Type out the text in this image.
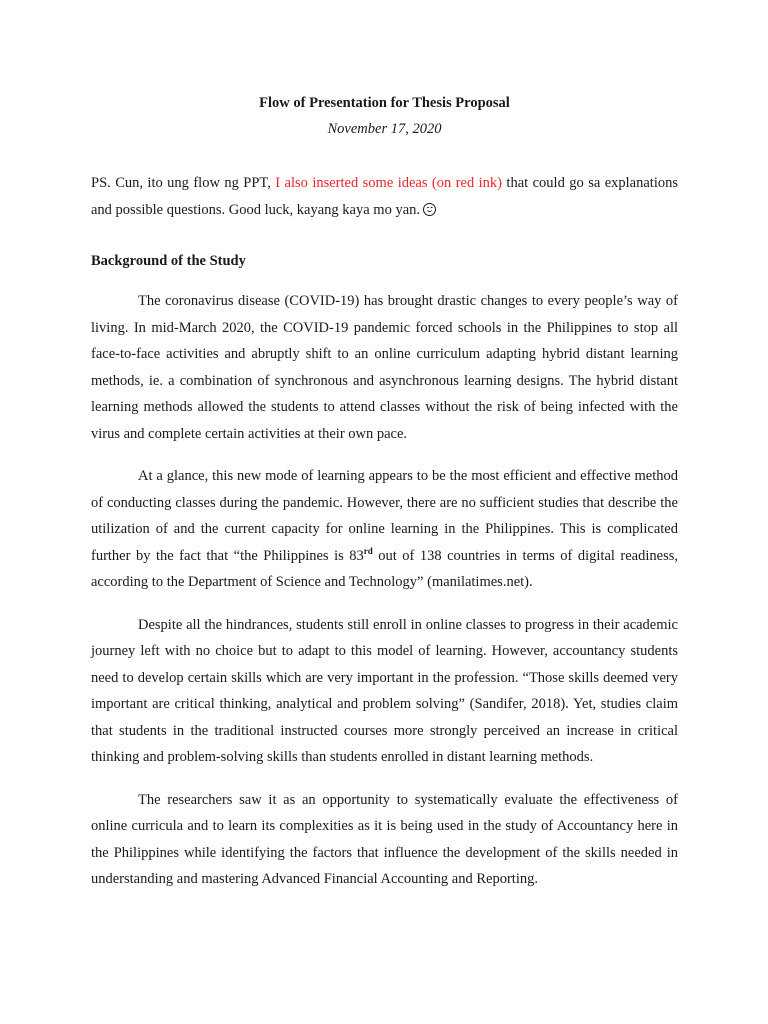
Flow of Presentation for Thesis Proposal

November 17, 2020

PS. Cun, ito ung flow ng PPT, I also inserted some ideas (on red ink) that could go sa explanations and possible questions. Good luck, kayang kaya mo yan.

Background of the Study

The coronavirus disease (COVID-19) has brought drastic changes to every people’s way of living. In mid-March 2020, the COVID-19 pandemic forced schools in the Philippines to stop all face-to-face activities and abruptly shift to an online curriculum adapting hybrid distant learning methods, ie. a combination of synchronous and asynchronous learning designs. The hybrid distant learning methods allowed the students to attend classes without the risk of being infected with the virus and complete certain activities at their own pace.

At a glance, this new mode of learning appears to be the most efficient and effective method of conducting classes during the pandemic. However, there are no sufficient studies that describe the utilization of and the current capacity for online learning in the Philippines. This is complicated further by the fact that “the Philippines is 83rd out of 138 countries in terms of digital readiness, according to the Department of Science and Technology” (manilatimes.net).

Despite all the hindrances, students still enroll in online classes to progress in their academic journey left with no choice but to adapt to this model of learning. However, accountancy students need to develop certain skills which are very important in the profession. “Those skills deemed very important are critical thinking, analytical and problem solving” (Sandifer, 2018). Yet, studies claim that students in the traditional instructed courses more strongly perceived an increase in critical thinking and problem-solving skills than students enrolled in distant learning methods.

The researchers saw it as an opportunity to systematically evaluate the effectiveness of online curricula and to learn its complexities as it is being used in the study of Accountancy here in the Philippines while identifying the factors that influence the development of the skills needed in understanding and mastering Advanced Financial Accounting and Reporting.
